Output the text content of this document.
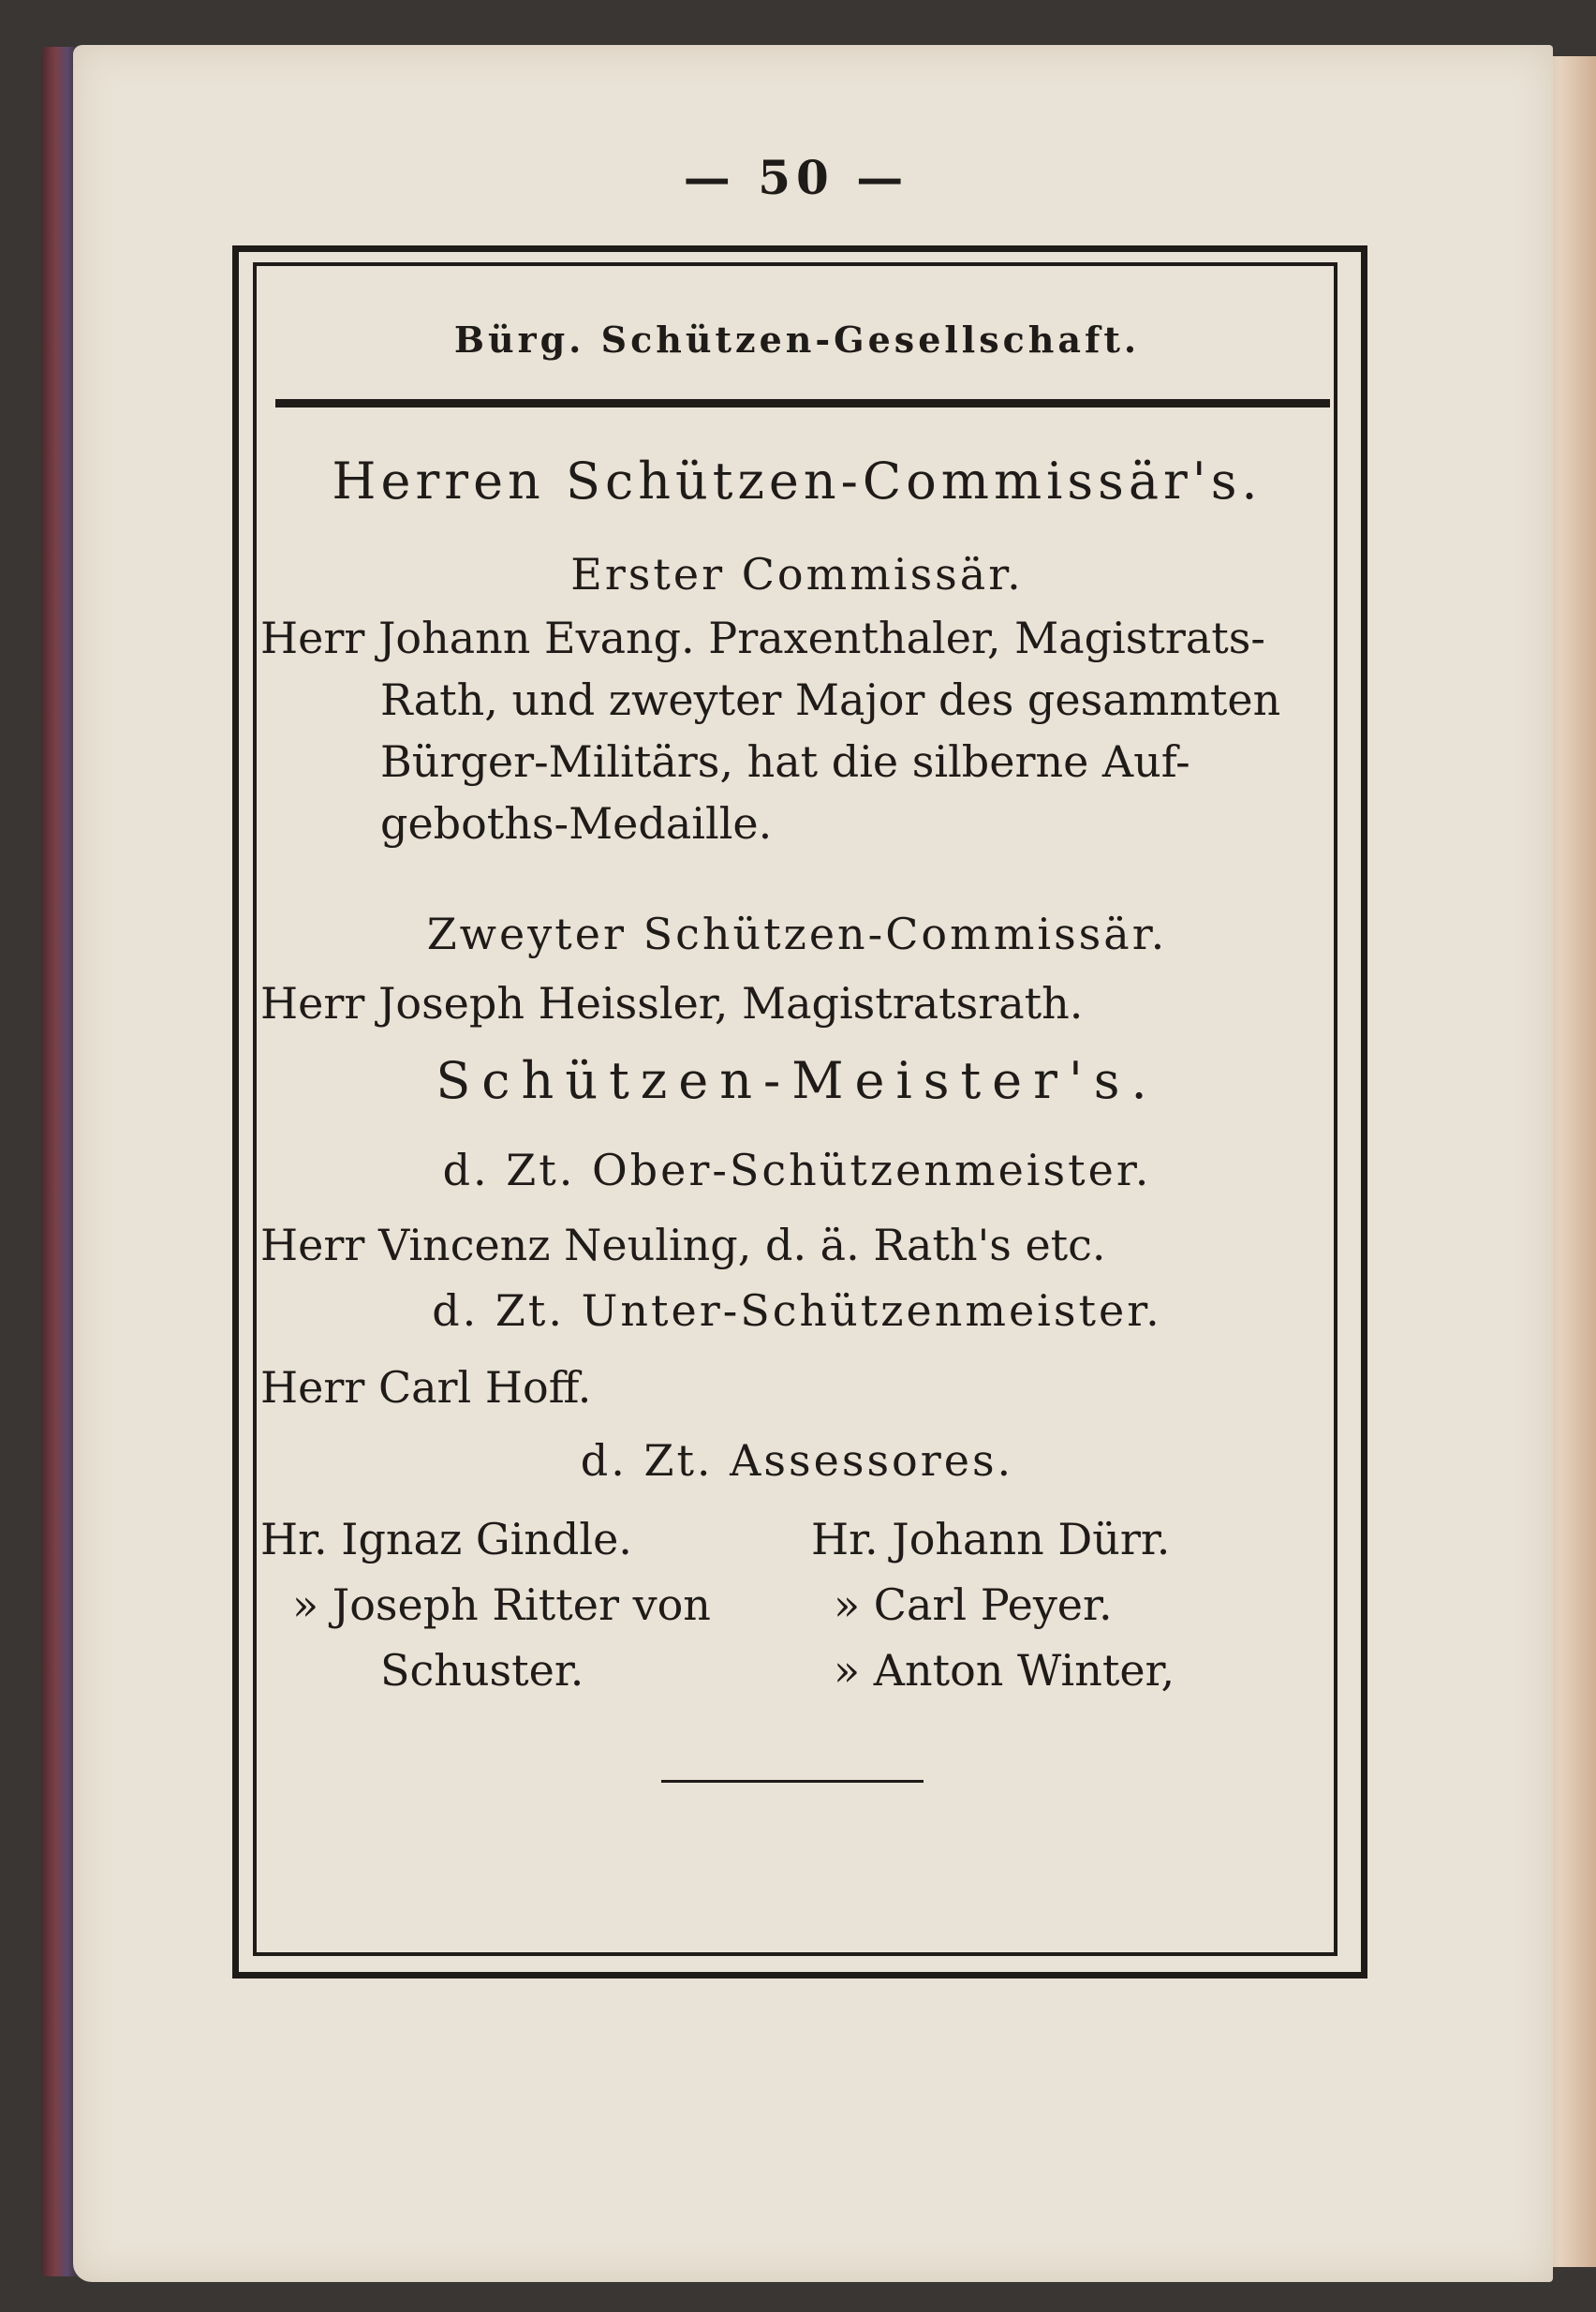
— 50 —
Bürg. Schützen-Gesellschaft.
Herren Schützen-Commissär's.
Erster Commissär.
Herr Johann Evang. Praxenthaler, Magistrats-
Rath, und zweyter Major des gesammten
Bürger-Militärs, hat die silberne Auf-
geboths-Medaille.
Zweyter Schützen-Commissär.
Herr Joseph Heissler, Magistratsrath.
Schützen-Meister's.
d. Zt. Ober-Schützenmeister.
Herr Vincenz Neuling, d. ä. Rath's etc.
d. Zt. Unter-Schützenmeister.
Herr Carl Hoff.
d. Zt. Assessores.
Hr. Ignaz Gindle.
» Joseph Ritter von
Schuster.
Hr. Johann Dürr.
» Carl Peyer.
» Anton Winter,
